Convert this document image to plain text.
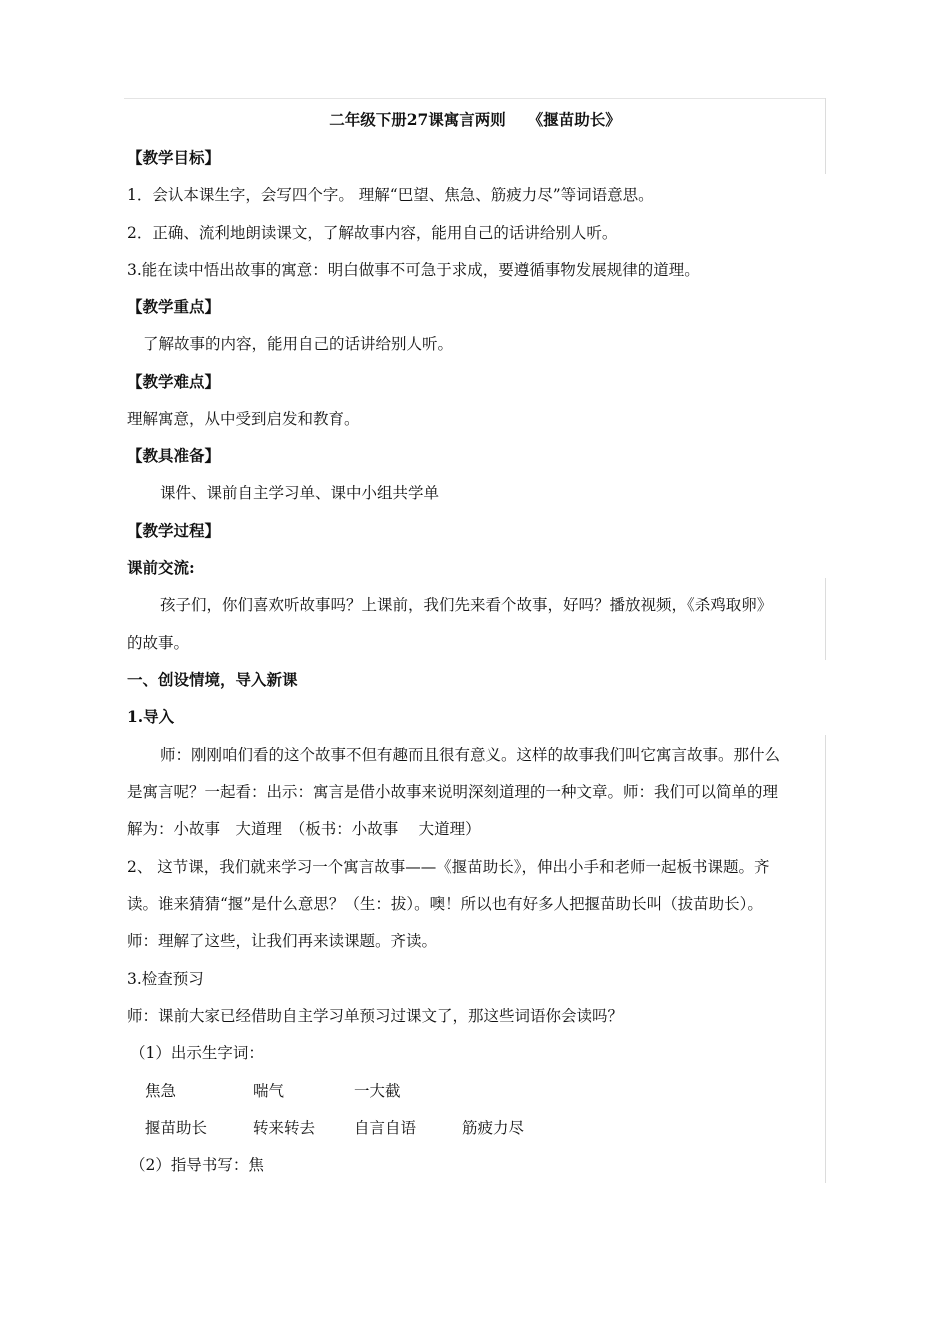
二年级下册27课寓言两则 《揠苗助长》
【教学目标】
1．会认本课生字，会写四个字。 理解“巴望、焦急、筋疲力尽”等词语意思。
2．正确、流利地朗读课文，了解故事内容，能用自己的话讲给别人听。
3.能在读中悟出故事的寓意：明白做事不可急于求成，要遵循事物发展规律的道理。
【教学重点】
了解故事的内容，能用自己的话讲给别人听。
【教学难点】
理解寓意，从中受到启发和教育。
【教具准备】
课件、课前自主学习单、课中小组共学单
【教学过程】
课前交流:
孩子们，你们喜欢听故事吗？上课前，我们先来看个故事，好吗？播放视频，《杀鸡取卵》
的故事。
一、创设情境，导入新课
1.导入
师：刚刚咱们看的这个故事不但有趣而且很有意义。这样的故事我们叫它寓言故事。那什么
是寓言呢？一起看：出示：寓言是借小故事来说明深刻道理的一种文章。师：我们可以简单的理
解为：小故事　大道理　（板书：小故事　 大道理）
2、 这节课，我们就来学习一个寓言故事——《揠苗助长》，伸出小手和老师一起板书课题。齐
读。谁来猜猜“揠”是什么意思？（生：拔）。噢！所以也有好多人把揠苗助长叫（拔苗助长）。
师：理解了这些，让我们再来读课题。齐读。
3.检查预习
师：课前大家已经借助自主学习单预习过课文了，那这些词语你会读吗？
（1）出示生字词：
焦急	喘气	一大截
揠苗助长	转来转去	自言自语	筋疲力尽
（2）指导书写：焦
